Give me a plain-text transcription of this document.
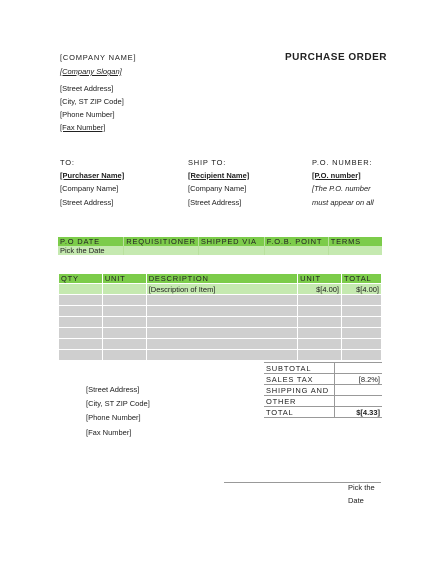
[COMPANY NAME]
[Company Slogan]
[Street Address]
[City, ST ZIP Code]
[Phone Number]
[Fax Number]
PURCHASE ORDER
TO:
[Purchaser Name]
[Company Name]
[Street Address]
SHIP TO:
[Recipient Name]
[Company Name]
[Street Address]
P.O. NUMBER:
[P.O. number]
[The P.O. number
must appear on all
P.O DATE	REQUISITIONER	SHIPPED VIA	F.O.B. POINT	TERMS
Pick the Date				
QTY	UNIT	DESCRIPTION	UNIT	TOTAL
		[Description of Item]	$[4.00]	$[4.00]

SUBTOTAL	
SALES TAX	[8.2%]
SHIPPING AND	
OTHER	
TOTAL	$[4.33]
[Street Address]
[City, ST ZIP Code]
[Phone Number]
[Fax Number]
Pick the
Date
